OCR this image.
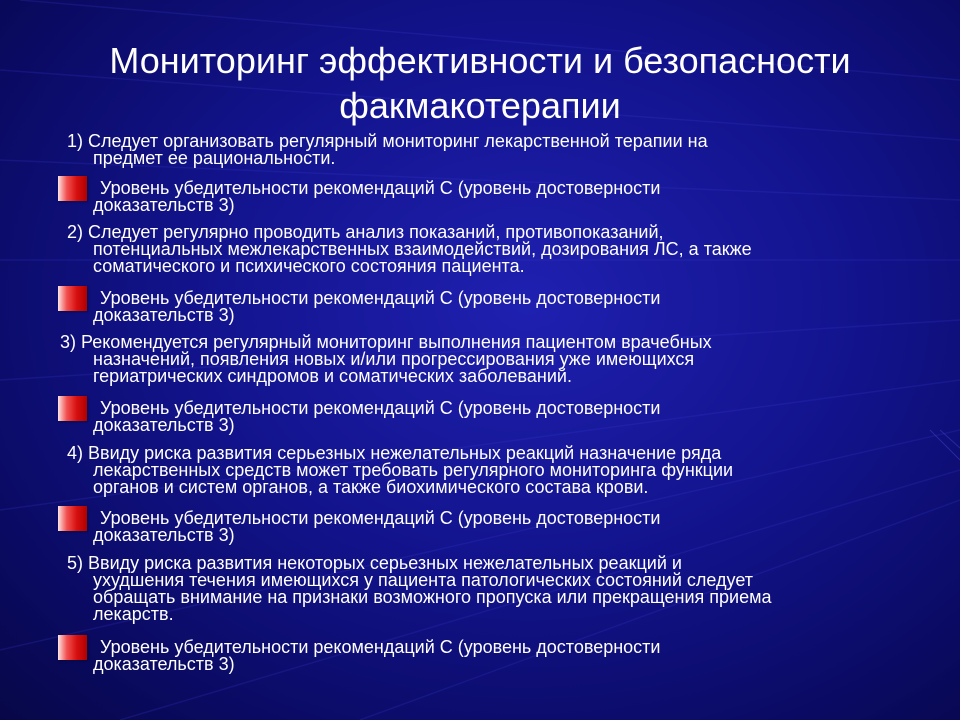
Мониторинг эффективности и безопасности
факмакотерапии
1) Следует организовать регулярный мониторинг лекарственной терапии на
предмет ее рациональности.
Уровень убедительности рекомендаций С (уровень достоверности
доказательств 3)
2) Следует регулярно проводить анализ показаний, противопоказаний,
потенциальных межлекарственных взаимодействий, дозирования ЛС, а также
соматического и психического состояния пациента.
Уровень убедительности рекомендаций С (уровень достоверности
доказательств 3)
3) Рекомендуется регулярный мониторинг выполнения пациентом врачебных
назначений, появления новых и/или прогрессирования уже имеющихся
гериатрических синдромов и соматических заболеваний.
Уровень убедительности рекомендаций С (уровень достоверности
доказательств 3)
4) Ввиду риска развития серьезных нежелательных реакций назначение ряда
лекарственных средств может требовать регулярного мониторинга функции
органов и систем органов, а также биохимического состава крови.
Уровень убедительности рекомендаций С (уровень достоверности
доказательств 3)
5) Ввиду риска развития некоторых серьезных нежелательных реакций и
ухудшения течения имеющихся у пациента патологических состояний следует
обращать внимание на признаки возможного пропуска или прекращения приема
лекарств.
Уровень убедительности рекомендаций С (уровень достоверности
доказательств 3)
